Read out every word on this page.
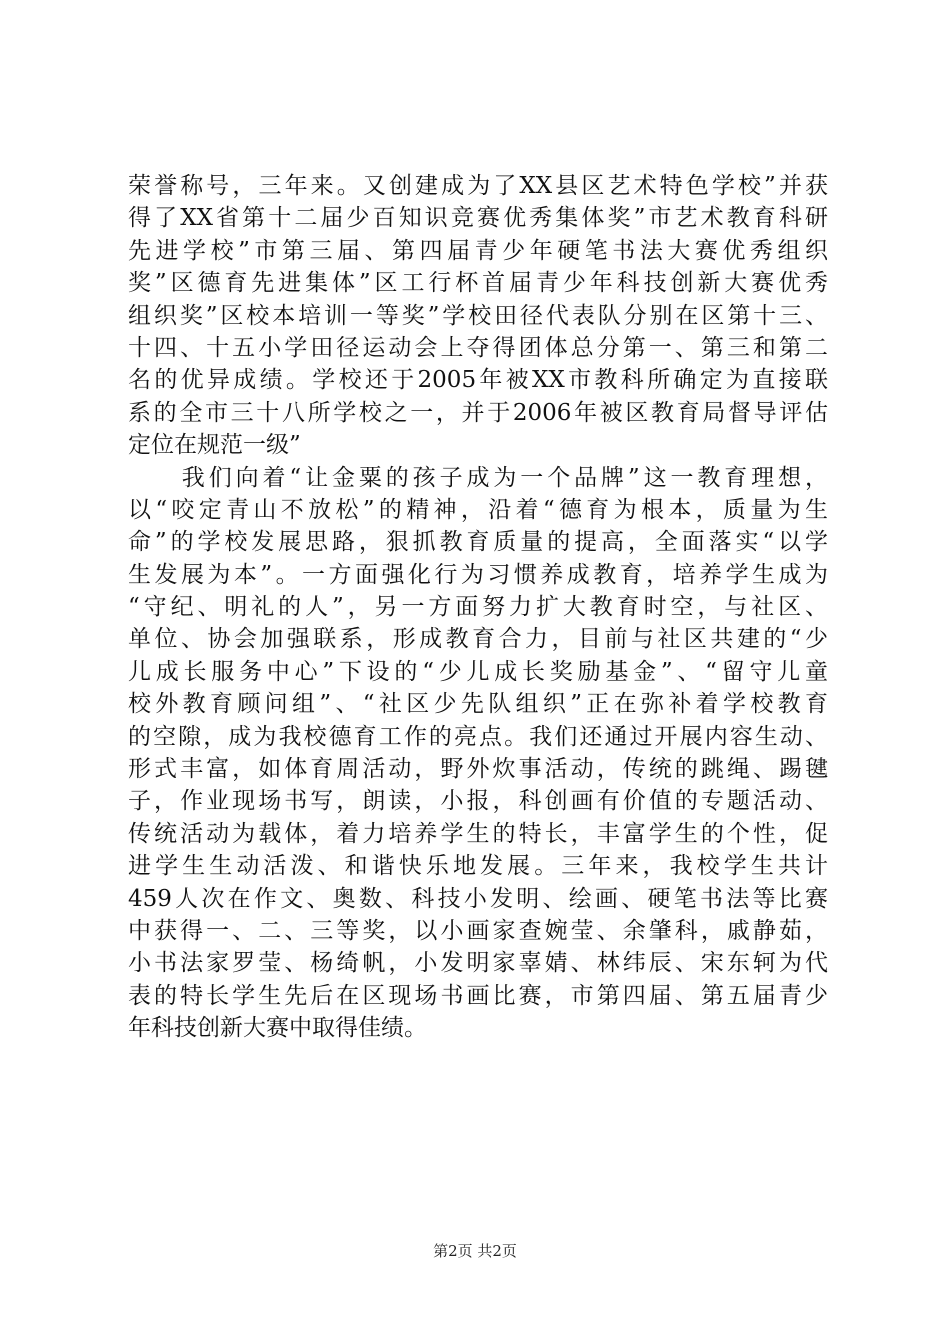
荣誉称号，三年来。又创建成为了XX县区艺术特色学校”并获
得了XX省第十二届少百知识竞赛优秀集体奖”市艺术教育科研
先进学校”市第三届、第四届青少年硬笔书法大赛优秀组织
奖”区德育先进集体”区工行杯首届青少年科技创新大赛优秀
组织奖”区校本培训一等奖”学校田径代表队分别在区第十三、
十四、十五小学田径运动会上夺得团体总分第一、第三和第二
名的优异成绩。学校还于2005年被XX市教科所确定为直接联
系的全市三十八所学校之一，并于2006年被区教育局督导评估
定位在规范一级”
　　我们向着“让金粟的孩子成为一个品牌”这一教育理想，
以“咬定青山不放松”的精神，沿着“德育为根本，质量为生
命”的学校发展思路，狠抓教育质量的提高，全面落实“以学
生发展为本”。一方面强化行为习惯养成教育，培养学生成为
“守纪、明礼的人”，另一方面努力扩大教育时空，与社区、
单位、协会加强联系，形成教育合力，目前与社区共建的“少
儿成长服务中心”下设的“少儿成长奖励基金”、“留守儿童
校外教育顾问组”、“社区少先队组织”正在弥补着学校教育
的空隙，成为我校德育工作的亮点。我们还通过开展内容生动、
形式丰富，如体育周活动，野外炊事活动，传统的跳绳、踢毽
子，作业现场书写，朗读，小报，科创画有价值的专题活动、
传统活动为载体，着力培养学生的特长，丰富学生的个性，促
进学生生动活泼、和谐快乐地发展。三年来，我校学生共计
459人次在作文、奥数、科技小发明、绘画、硬笔书法等比赛
中获得一、二、三等奖，以小画家查婉莹、余肇科，戚静茹，
小书法家罗莹、杨绮帆，小发明家辜婧、林纬辰、宋东轲为代
表的特长学生先后在区现场书画比赛，市第四届、第五届青少
年科技创新大赛中取得佳绩。
第2页 共2页
